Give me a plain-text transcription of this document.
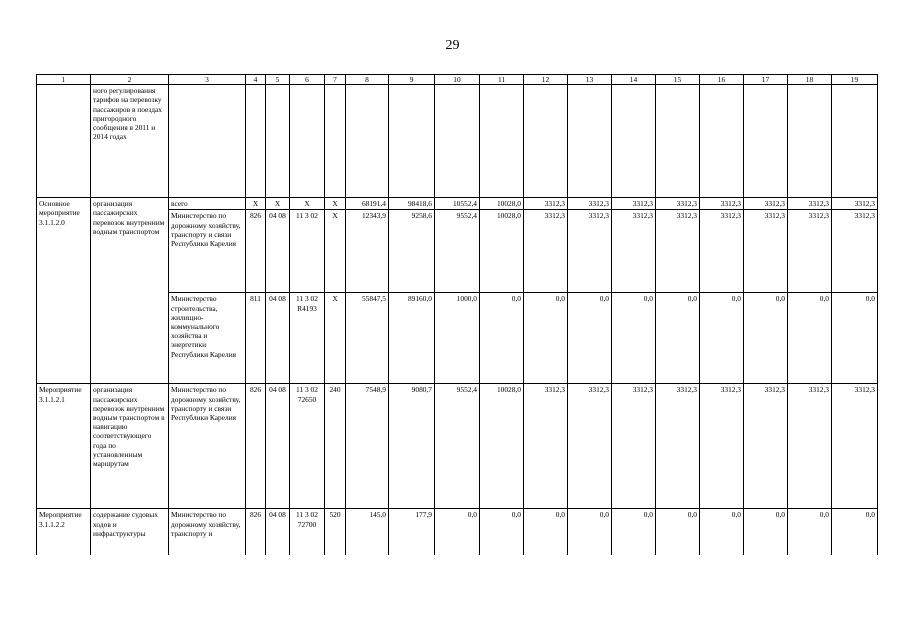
29
1	2	3	4	5	6	7	8	9	10	11	12	13	14	15	16	17	18	19
	ного регулирования тарифов на перевозку пассажиров в поездах пригородного сообщения в 2011 и 2014 годах																	
Основное мероприятие 3.1.1.2.0	организация пассажирских перевозок внутренним водным транспортом	всего	Х	Х	Х	Х	68191,4	98418,6	10552,4	10028,0	3312,3	3312,3	3312,3	3312,3	3312,3	3312,3	3312,3	3312,3
		Министерство по дорожному хозяйству, транспорту и связи Республики Карелия	826	04 08	11 3 02	Х	12343,9	9258,6	9552,4	10028,0	3312,3	3312,3	3312,3	3312,3	3312,3	3312,3	3312,3	3312,3
		Министерство строительства, жилищно-коммунального хозяйства и энергетики Республики Карелия	811	04 08	11 3 02 R4193	Х	55847,5	89160,0	1000,0	0,0	0,0	0,0	0,0	0,0	0,0	0,0	0,0	0,0
Мероприятие 3.1.1.2.1	организация пассажирских перевозок внутренним водным транспортом в навигацию соответствующего года по установленным маршрутам	Министерство по дорожному хозяйству, транспорту и связи Республики Карелия	826	04 08	11 3 02 72650	240	7548,9	9080,7	9552,4	10028,0	3312,3	3312,3	3312,3	3312,3	3312,3	3312,3	3312,3	3312,3
Мероприятие 3.1.1.2.2	содержание судовых ходов и инфраструктуры	Министерство по дорожному хозяйству, транспорту и	826	04 08	11 3 02 72700	520	145,0	177,9	0,0	0,0	0,0	0,0	0,0	0,0	0,0	0,0	0,0	0,0
